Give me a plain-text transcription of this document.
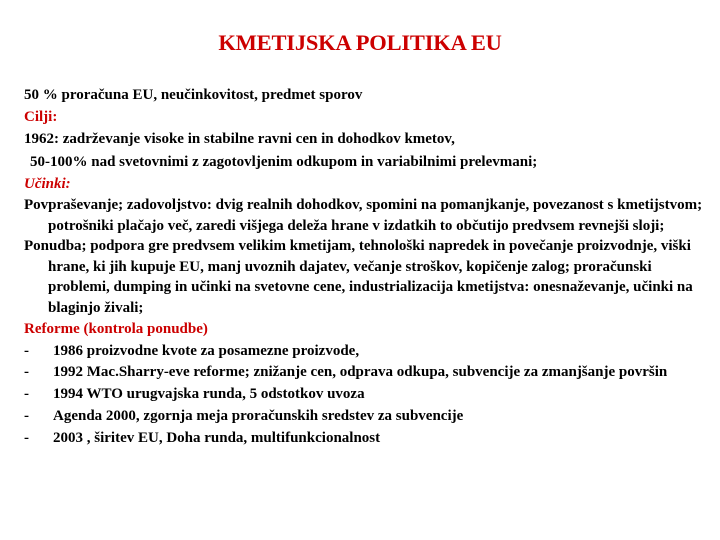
KMETIJSKA POLITIKA EU

50 % proračuna EU, neučinkovitost, predmet sporov

Cilji:

1962: zadrževanje visoke in stabilne ravni cen in dohodkov kmetov,

50-100% nad svetovnimi z zagotovljenim odkupom in variabilnimi prelevmani;

Učinki:

Povpraševanje; zadovoljstvo: dvig realnih dohodkov, spomini na pomanjkanje, povezanost s kmetijstvom; potrošniki plačajo več, zaredi višjega deleža hrane v izdatkih to občutijo predvsem revnejši sloji;

Ponudba; podpora gre predvsem velikim kmetijam, tehnološki napredek in povečanje proizvodnje, viški hrane, ki jih kupuje EU, manj uvoznih dajatev, večanje stroškov, kopičenje zalog; proračunski problemi, dumping in učinki na svetovne cene, industrializacija kmetijstva: onesnaževanje, učinki na blaginjo živali;

Reforme (kontrola ponudbe)

- 1986 proizvodne kvote za posamezne proizvode,
- 1992 Mac.Sharry-eve reforme; znižanje cen, odprava odkupa, subvencije za zmanjšanje površin
- 1994 WTO urugvajska runda, 5 odstotkov uvoza
- Agenda 2000, zgornja meja proračunskih sredstev za subvencije
- 2003 , širitev EU, Doha runda, multifunkcionalnost
